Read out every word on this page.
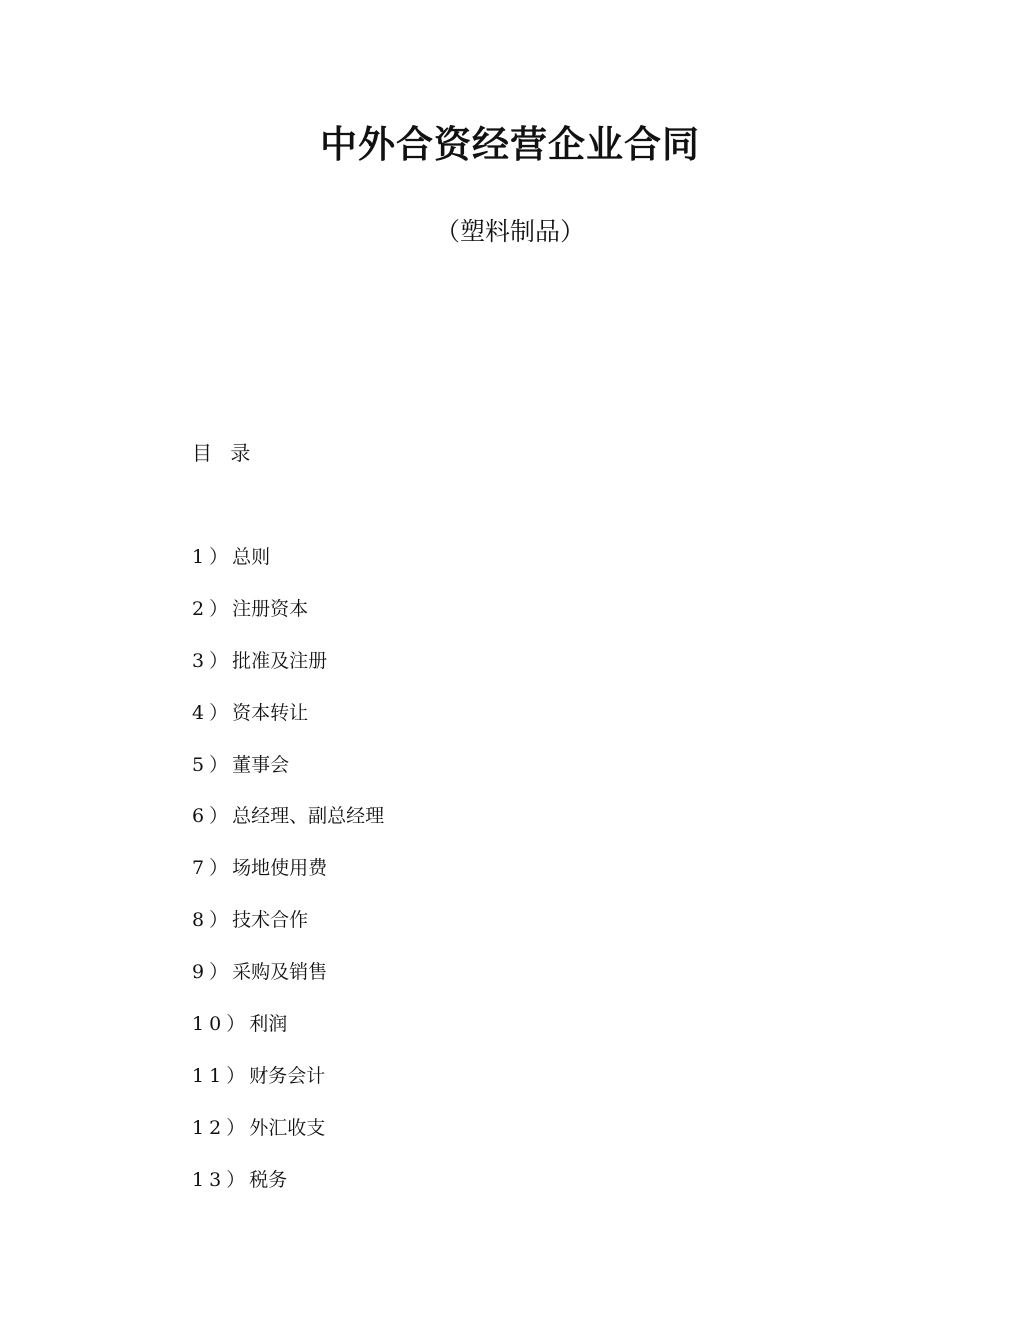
中外合资经营企业合同
（塑料制品）
目 录
1） 总则
2） 注册资本
3） 批准及注册
4） 资本转让
5） 董事会
6） 总经理、副总经理
7） 场地使用费
8） 技术合作
9） 采购及销售
10） 利润
11） 财务会计
12） 外汇收支
13） 税务
